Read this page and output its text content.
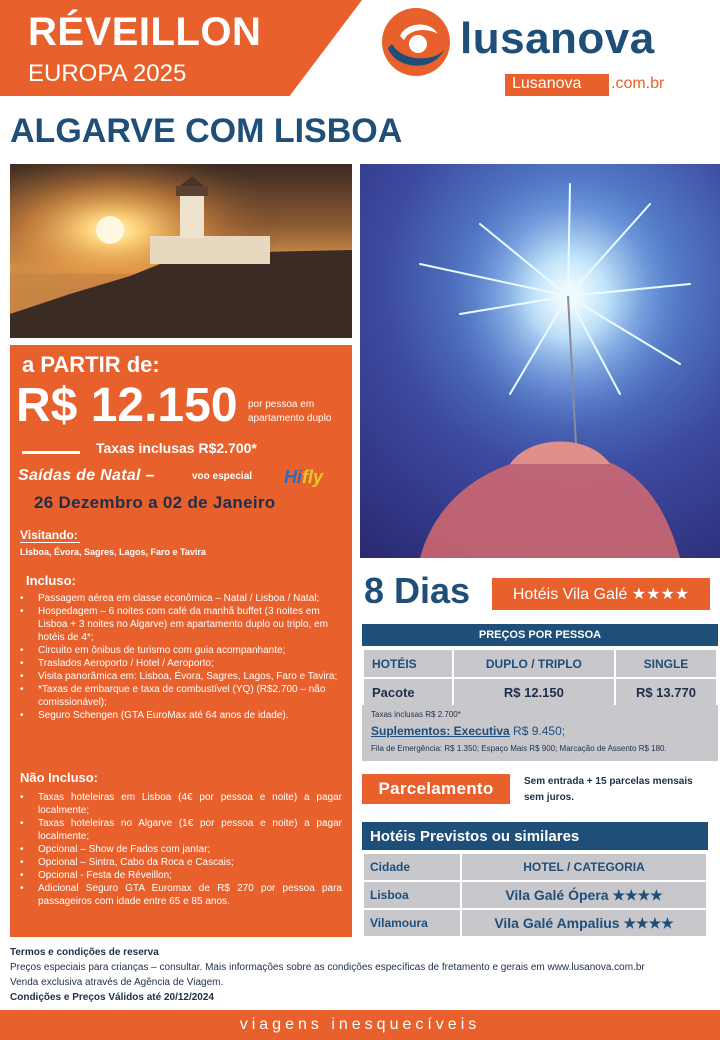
RÉVEILLON
EUROPA 2025
lusanova
Lusanova .com.br
ALGARVE COM LISBOA
a PARTIR de:
R$ 12.150 por pessoa em apartamento duplo
Taxas inclusas R$2.700*
Saídas de Natal –	voo especial Hifly
26 Dezembro a 02 de Janeiro
Visitando:
Lisboa, Évora, Sagres, Lagos, Faro e Tavira
Incluso:
• Passagem aérea em classe econômica – Natal / Lisboa / Natal;
• Hospedagem – 6 noites com café da manhã buffet (3 noites em Lisboa + 3 noites no Algarve) em apartamento duplo ou triplo, em hotéis de 4*;
• Circuito em ônibus de turismo com guia acompanhante;
• Traslados Aeroporto / Hotel / Aeroporto;
• Visita panorâmica em: Lisboa, Évora, Sagres, Lagos, Faro e Tavira;
• *Taxas de embarque e taxa de combustível (YQ) (R$2.700 – não comissionável);
• Seguro Schengen (GTA EuroMax até 64 anos de idade).
Não Incluso:
• Taxas hoteleiras em Lisboa (4€ por pessoa e noite) a pagar localmente;
• Taxas hoteleiras no Algarve (1€ por pessoa e noite) a pagar localmente;
• Opcional – Show de Fados com jantar;
• Opcional – Sintra, Cabo da Roca e Cascais;
• Opcional - Festa de Réveillon;
• Adicional Seguro GTA Euromax de R$ 270 por pessoa para passageiros com idade entre 65 e 85 anos.
8 Dias	Hotéis Vila Galé ★★★★
PREÇOS POR PESSOA
HOTÉIS	DUPLO / TRIPLO	SINGLE
Pacote	R$ 12.150	R$ 13.770
Taxas inclusas R$ 2.700*
Suplementos: Executiva R$ 9.450;
Fila de Emergência: R$ 1.350; Espaço Mais R$ 900; Marcação de Assento R$ 180.
Parcelamento	Sem entrada + 15 parcelas mensais sem juros.
Hotéis Previstos ou similares
Cidade	HOTEL / CATEGORIA
Lisboa	Vila Galé Ópera ★★★★
Vilamoura	Vila Galé Ampalius ★★★★
Termos e condições de reserva
Preços especiais para crianças – consultar. Mais informações sobre as condições específicas de fretamento e gerais em www.lusanova.com.br
Venda exclusiva através de Agência de Viagem.
Condições e Preços Válidos até 20/12/2024
viagens inesquecíveis
